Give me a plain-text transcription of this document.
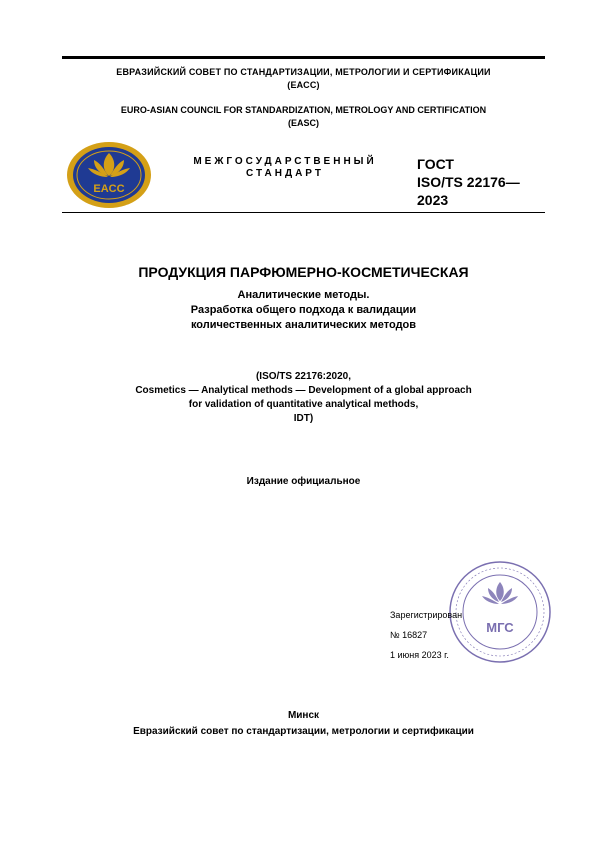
ЕВРАЗИЙСКИЙ СОВЕТ ПО СТАНДАРТИЗАЦИИ, МЕТРОЛОГИИ И СЕРТИФИКАЦИИ
(ЕАСС)
EURO-ASIAN COUNCIL FOR STANDARDIZATION, METROLOGY AND CERTIFICATION
(EASC)
EACC
МЕЖГОСУДАРСТВЕННЫЙ
СТАНДАРТ
ГОСТ
ISO/TS 22176—
2023
ПРОДУКЦИЯ ПАРФЮМЕРНО-КОСМЕТИЧЕСКАЯ
Аналитические методы.
Разработка общего подхода к валидации
количественных аналитических методов
(ISO/TS 22176:2020,
Cosmetics — Analytical methods — Development of a global approach
for validation of quantitative analytical methods,
IDT)
Издание официальное
МГС
Зарегистрирован
№ 16827
1 июня 2023 г.
Минск
Евразийский совет по стандартизации, метрологии и сертификации
